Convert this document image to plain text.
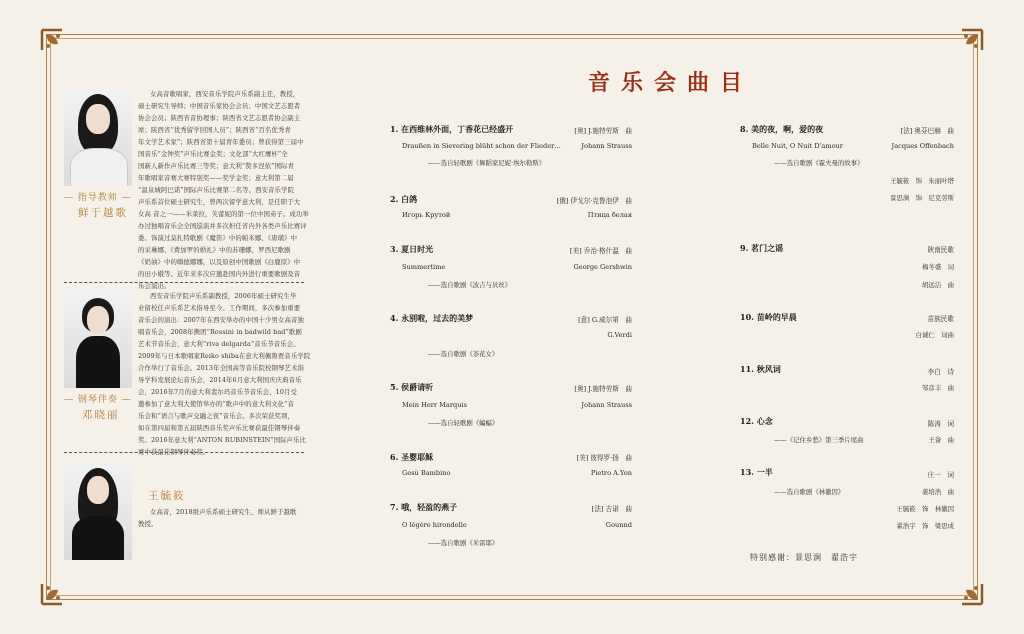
— 指导教师 —
鲜于越歌
女高音歌唱家，西安音乐学院声乐系副主任，教授，
硕士研究生导师；中国音乐家协会会员；中国文艺志愿者
协会会员；陕西省音协理事；陕西省文艺志愿者协会副主
席；陕西省“优秀留学回国人员”；陕西省“百名优秀青
年文学艺术家”；陕西省第十届青年委员；曾获得第三届中
国音乐“金钟奖”声乐比赛金奖；文化部“大红鹰杯”全
国新人新作声乐比赛三等奖；意大利“赞多涅依”国际青
年歌唱家音赛大赛特别奖——奖学金奖；意大利第二届
“温泉城阿巴诺”国际声乐比赛第二名等。西安音乐学院
声乐系首位硕士研究生，曾两次留学意大利，是任职于大
女高 音之一——米莱拉，芙蕾妮的第一位中国弟子。成功举
办过独唱音乐会全国巡演并多次担任省内外各类声乐比赛评
委。饰演过莫扎特歌剧《魔笛》中的帕米娜、《唐璜》中
的采琳娜、《费加罗的婚礼》中的苏珊娜，罗西尼歌剧
《奶油》中的嗨德娜娜，以及原创中国歌剧《白鹿原》中
的田小娥等。近年来多次应邀赴国内外进行重要歌剧及音
乐会演出。
西安音乐学院声乐系副教授，2006年硕士研究生毕
业留校任声乐系艺术指导至今。工作期间，多次参加重要
音乐会的演出：2007年在西安举办的中国十少男女高音独
唱音乐会，2008年携团“Rossini in badwild bad”歌剧
艺术节音乐会，意大利“riva delgarda”音乐节音乐会。
2009年与日本歌唱家Reiko shiba在意大利佩鲁贾音乐学院
合作举行了音乐会。2013年全国高等音乐院校钢琴艺术指
导学科发展论坛音乐会，2014年6月意大利国庆庆典音乐
会，2016年7月的意大利裴尔玛音乐节音乐会，10月受
邀参加了意大利大使馆举办的“歌声中的意大利文化”音
乐会和“语言与歌声交融之夜”音乐会。多次荣获奖项，
如在第四届和第五届陕西音乐奖声乐比赛获最佳钢琴伴奏
奖。2016年意大利“ANTON RUBINSTEIN”国际声乐比
赛中获最佳钢琴伴奏奖。
— 钢琴伴奏 —
邓晓丽
王毓筱
女高音，2018级声乐系硕士研究生，师从鲜于越歌
教授。
音乐会曲目
1. 在西维林外面，丁香花已经盛开	[奥] J.施特劳斯　曲
Draußen in Sievering blüht schon der Flieder…	Johann Strauss
——选自轻歌剧《舞蹈家尼妮·埃尔勒斯》
2. 白鸽	[俄] 伊戈尔·克鲁泡伊　曲
Игорь Крутой	Птица белая
3. 夏日时光	[美] 乔治·格什温　曲
Summertime	George Gershwin
——选自歌剧《波吉与贝丝》
4. 永别啦，过去的美梦	[意] G.威尔第　曲
G.Verdi
——选自歌剧《茶花女》
5. 侯爵请听	[奥] J.施特劳斯　曲
Mein Herr Marquis	Johann Strauss
——选自轻歌剧《蝙蝠》
6. 圣婴耶稣	[美] 彼得罗·扬　曲
Gesù Bambino	Pietro A.Yon
7. 哦，轻盈的燕子	[法] 古诺　曲
O légère hirondelle	Gounnd
——选自歌剧《米雷耶》
8. 美的夜，啊，爱的夜	[法] 奥芬巴赫　曲
Belle Nuit, O Nuit D'amour	Jacques Offenbach
——选自歌剧《霍夫曼的故事》
王毓筱　饰　朱丽叶塔
景思涧　饰　尼克劳斯
9. 茗门之谣	陕南民歌
梅冬盛　词
胡远洁　曲
10. 苗岭的早晨	苗族民歌
白诚仁　词曲
11. 秋风词	李白　诗
邹彦丰　曲
12. 心念	陈涛　词
——《记住乡愁》第三季片尾曲	王备　曲
13. 一半	庄一　词
——选自歌剧《林徽因》	姜培浩　曲
王毓筱　饰　林徽因
翟浩宇　饰　梁思成
特别感谢：景思涧　翟浩宇
